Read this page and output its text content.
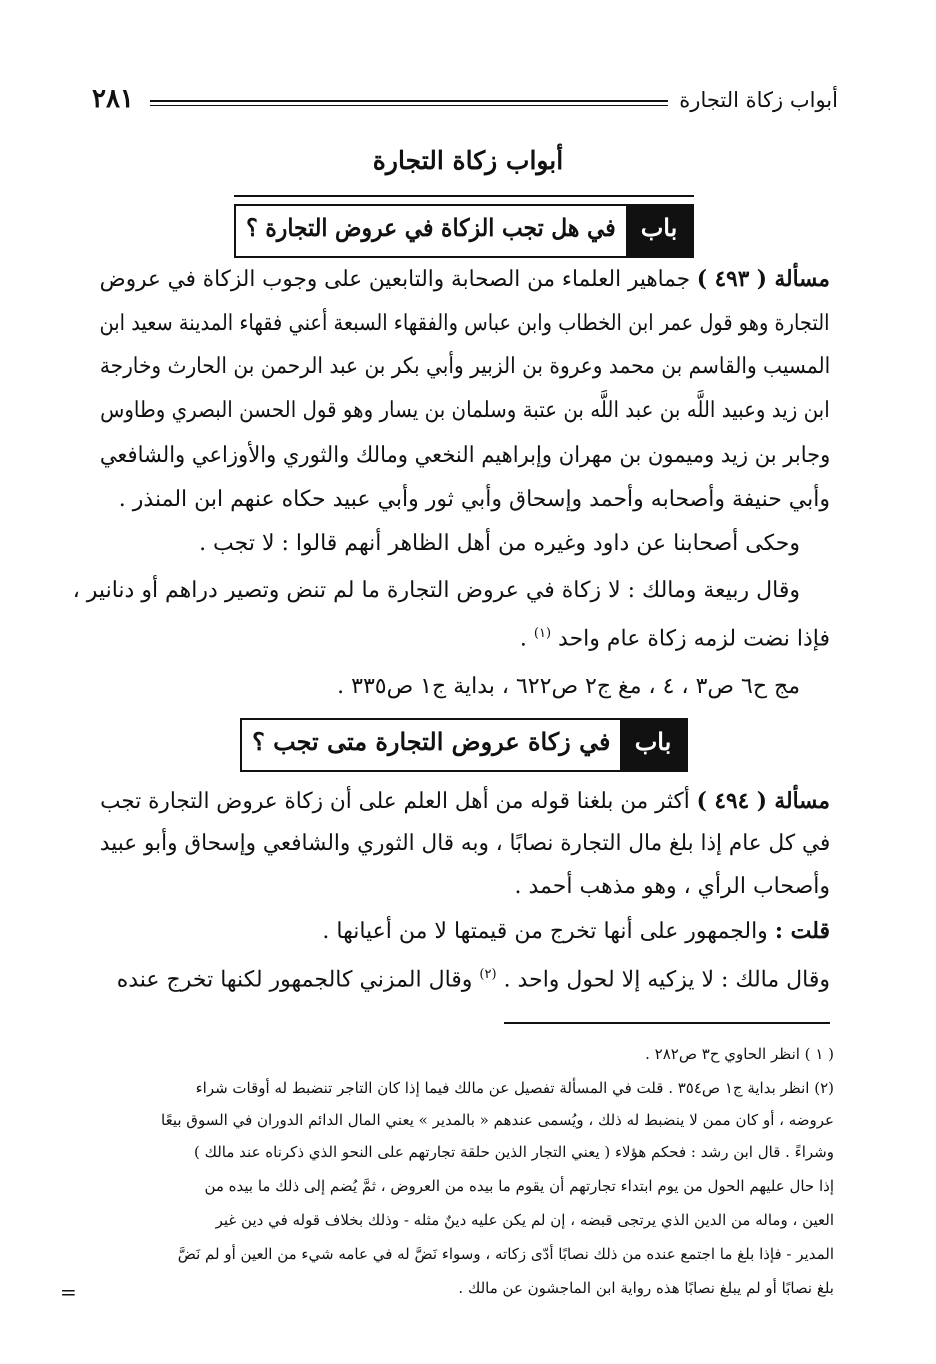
أبواب زكاة التجارة
٢٨١
أبواب زكاة التجارة
باب
في هل تجب الزكاة في عروض التجارة ؟
مسألة ( ٤٩٣ ) جماهير العلماء من الصحابة والتابعين على وجوب الزكاة في عروض
التجارة وهو قول عمر ابن الخطاب وابن عباس والفقهاء السبعة أعني فقهاء المدينة سعيد ابن
المسيب والقاسم بن محمد وعروة بن الزبير وأبي بكر بن عبد الرحمن بن الحارث وخارجة
ابن زيد وعبيد اللَّه بن عبد اللَّه بن عتبة وسلمان بن يسار وهو قول الحسن البصري وطاوس
وجابر بن زيد وميمون بن مهران وإبراهيم النخعي ومالك والثوري والأوزاعي والشافعي
وأبي حنيفة وأصحابه وأحمد وإسحاق وأبي ثور وأبي عبيد حكاه عنهم ابن المنذر .
وحكى أصحابنا عن داود وغيره من أهل الظاهر أنهم قالوا : لا تجب .
وقال ربيعة ومالك : لا زكاة في عروض التجارة ما لم تنض وتصير دراهم أو دنانير ،
فإذا نضت لزمه زكاة عام واحد $^{(١)}$ .
مج ح٦ ص٣ ، ٤ ، مغ ج٢ ص٦٢٢ ، بداية ج١ ص٣٣٥ .
باب
في زكاة عروض التجارة متى تجب ؟
مسألة ( ٤٩٤ ) أكثر من بلغنا قوله من أهل العلم على أن زكاة عروض التجارة تجب
في كل عام إذا بلغ مال التجارة نصابًا ، وبه قال الثوري والشافعي وإسحاق وأبو عبيد
وأصحاب الرأي ، وهو مذهب أحمد .
قلت : والجمهور على أنها تخرج من قيمتها لا من أعيانها .
وقال مالك : لا يزكيه إلا لحول واحد . $^{(٢)}$ وقال المزني كالجمهور لكنها تخرج عنده
( ١ ) انظر الحاوي ح٣ ص٢٨٢ .
(٢) انظر بداية ج١ ص٣٥٤ . قلت في المسألة تفصيل عن مالك فيما إذا كان التاجر تنضبط له أوقات شراء
عروضه ، أو كان ممن لا ينضبط له ذلك ، ويُسمى عندهم « بالمدير » يعني المال الدائم الدوران في السوق بيعًا
وشراءً . قال ابن رشد : فحكم هؤلاء ( يعني التجار الذين حلقة تجارتهم على النحو الذي ذكرناه عند مالك )
إذا حال عليهم الحول من يوم ابتداء تجارتهم أن يقوم ما بيده من العروض ، ثمَّ يُضم إلى ذلك ما بيده من
العين ، وماله من الدين الذي يرتجى قبضه ، إن لم يكن عليه دينٌ مثله - وذلك بخلاف قوله في دين غير
المدير - فإذا بلغ ما اجتمع عنده من ذلك نصابًا أدّى زكاته ، وسواء نَضَّ له في عامه شيء من العين أو لم نَضَّ
بلغ نصابًا أو لم يبلغ نصابًا هذه رواية ابن الماجشون عن مالك .
=
